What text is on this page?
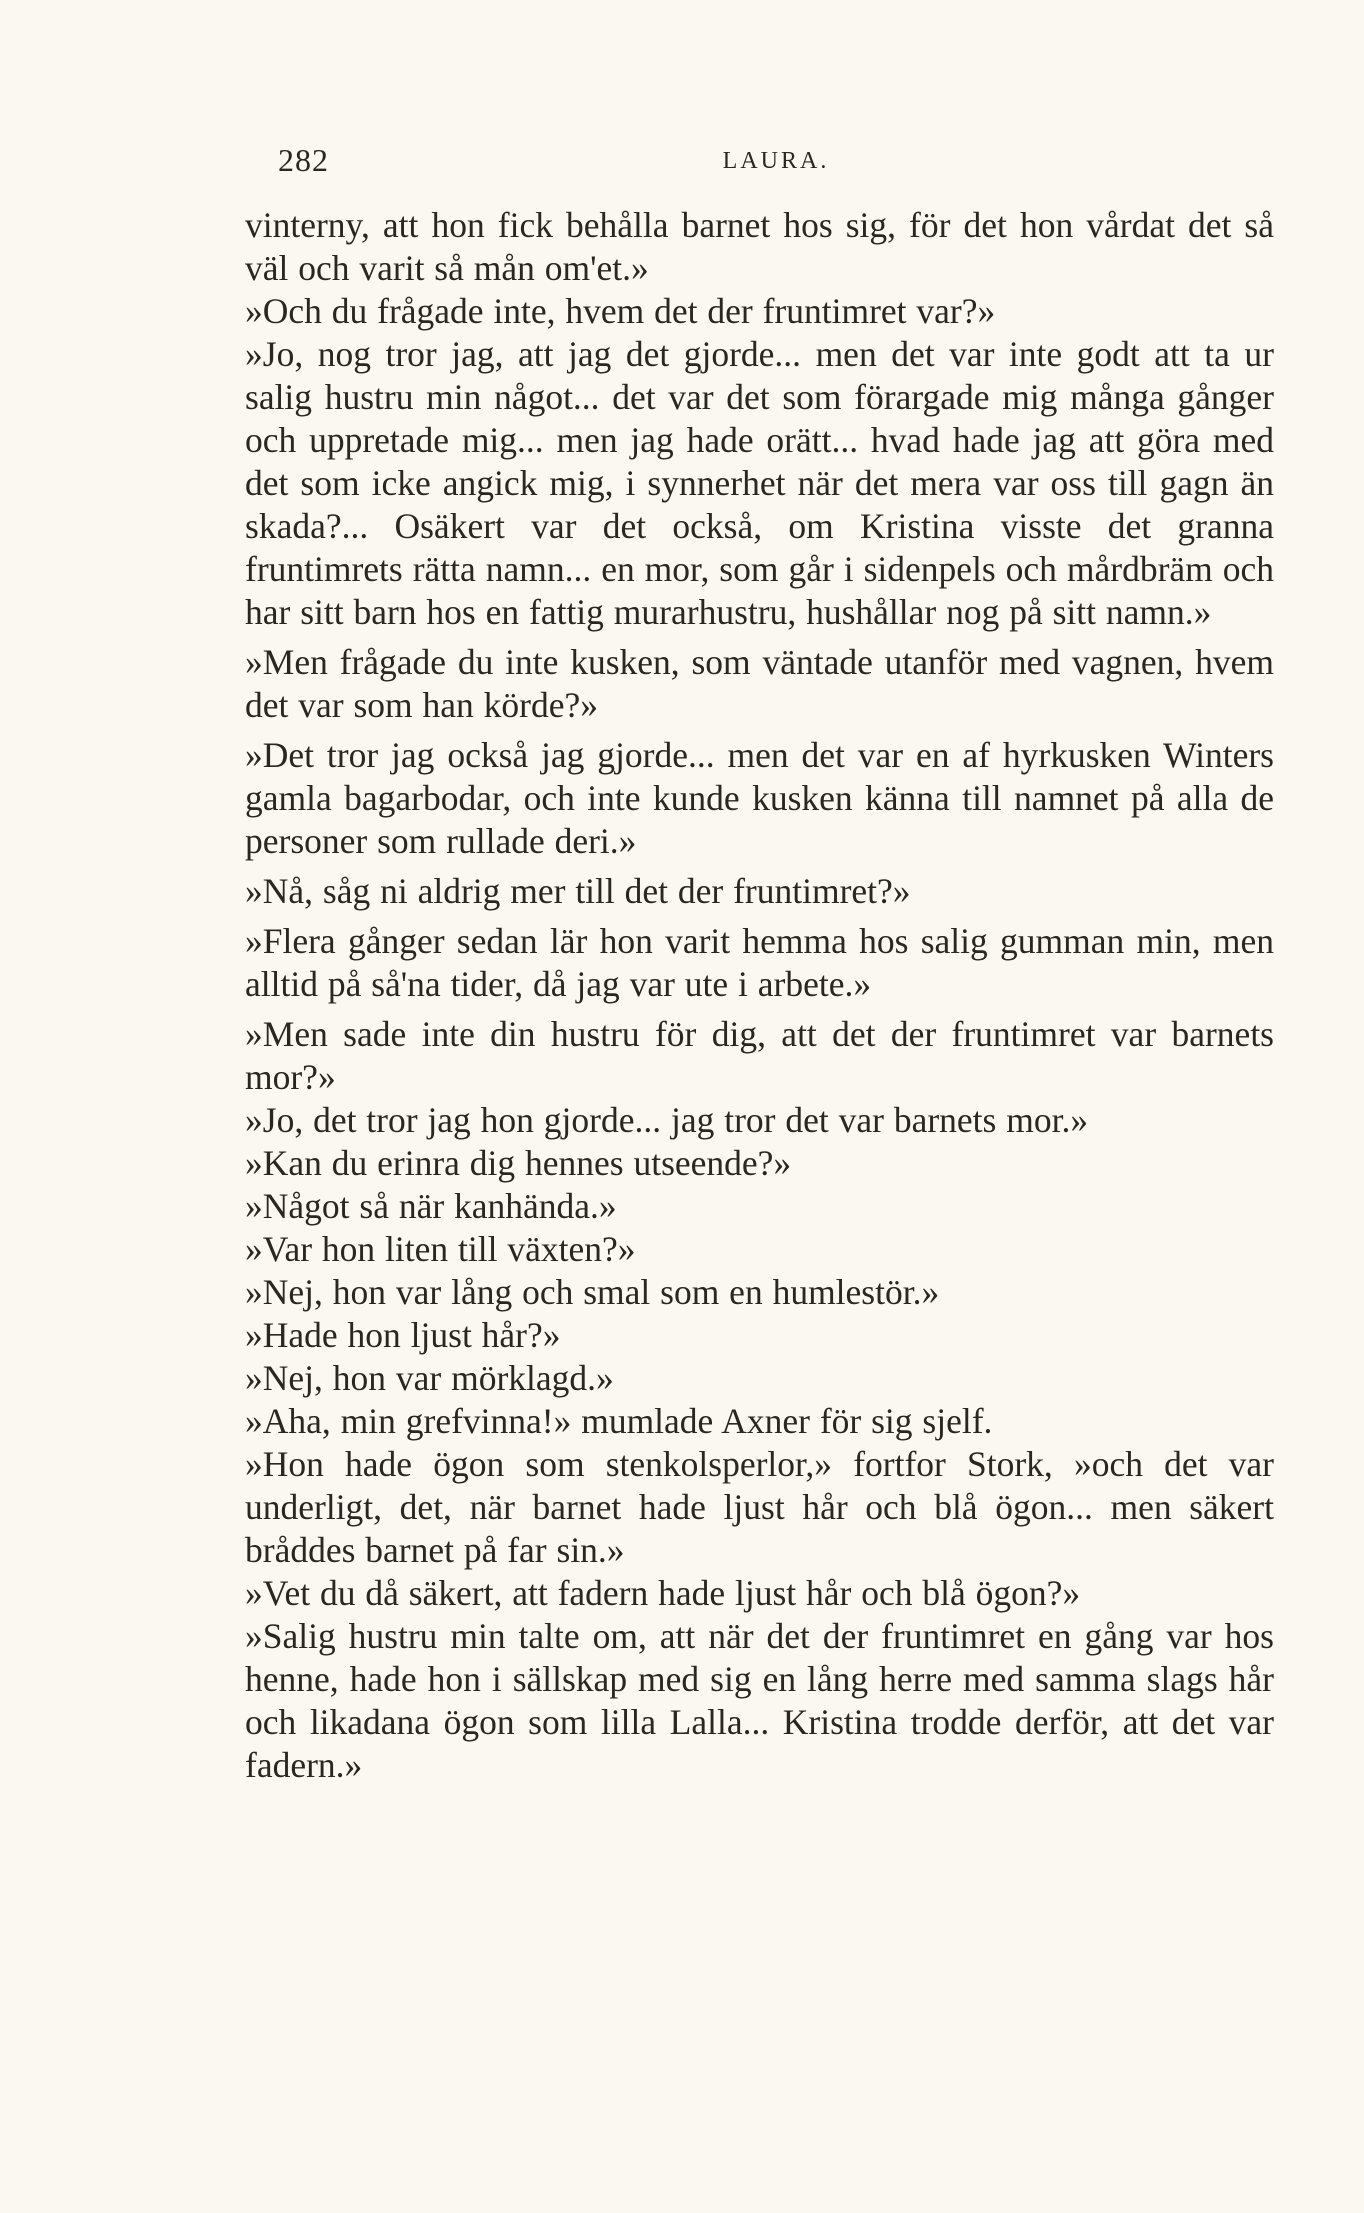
282	LAURA.

vinterny, att hon fick behålla barnet hos sig, för det hon vårdat det så väl och varit så mån om'et.»

»Och du frågade inte, hvem det der fruntimret var?»

»Jo, nog tror jag, att jag det gjorde... men det var inte godt att ta ur salig hustru min något... det var det som förargade mig många gånger och uppretade mig... men jag hade orätt... hvad hade jag att göra med det som icke angick mig, i synnerhet när det mera var oss till gagn än skada?... Osäkert var det också, om Kristina visste det granna fruntimrets rätta namn... en mor, som går i sidenpels och mårdbräm och har sitt barn hos en fattig murarhustru, hushållar nog på sitt namn.»

»Men frågade du inte kusken, som väntade utanför med vagnen, hvem det var som han körde?»

»Det tror jag också jag gjorde... men det var en af hyrkusken Winters gamla bagarbodar, och inte kunde kusken känna till namnet på alla de personer som rullade deri.»

»Nå, såg ni aldrig mer till det der fruntimret?»

»Flera gånger sedan lär hon varit hemma hos salig gumman min, men alltid på så'na tider, då jag var ute i arbete.»

»Men sade inte din hustru för dig, att det der fruntimret var barnets mor?»

»Jo, det tror jag hon gjorde... jag tror det var barnets mor.»

»Kan du erinra dig hennes utseende?»

»Något så när kanhända.»

»Var hon liten till växten?»

»Nej, hon var lång och smal som en humlestör.»

»Hade hon ljust hår?»

»Nej, hon var mörklagd.»

»Aha, min grefvinna!» mumlade Axner för sig sjelf.

»Hon hade ögon som stenkolsperlor,» fortfor Stork, »och det var underligt, det, när barnet hade ljust hår och blå ögon... men säkert bråddes barnet på far sin.»

»Vet du då säkert, att fadern hade ljust hår och blå ögon?»

»Salig hustru min talte om, att när det der fruntimret en gång var hos henne, hade hon i sällskap med sig en lång herre med samma slags hår och likadana ögon som lilla Lalla... Kristina trodde derför, att det var fadern.»
